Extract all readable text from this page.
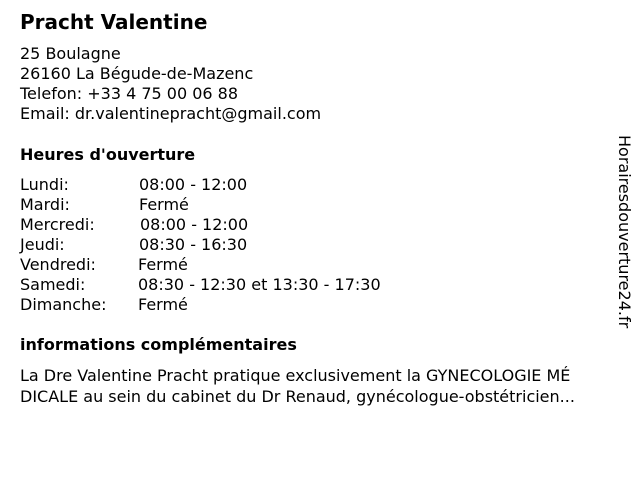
Pracht Valentine
25 Boulagne
26160 La Bégude-de-Mazenc
Telefon: +33 4 75 00 06 88
Email: dr.valentinepracht@gmail.com
Heures d'ouverture
Lundi:	08:00 - 12:00
Mardi:	Fermé
Mercredi:	08:00 - 12:00
Jeudi:	08:30 - 16:30
Vendredi:	Fermé
Samedi:	08:30 - 12:30 et 13:30 - 17:30
Dimanche: Fermé
informations complémentaires
La Dre Valentine Pracht pratique exclusivement la GYNECOLOGIE MÉ
DICALE au sein du cabinet du Dr Renaud, gynécologue-obstétricien...
Horairesdouverture24.fr
